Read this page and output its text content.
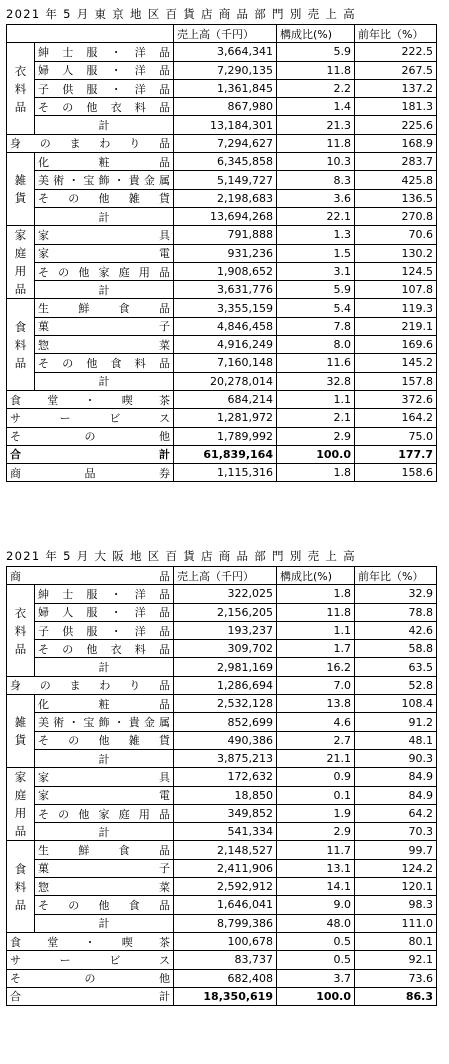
2021 年 5 月 東 京 地 区 百 貨 店 商 品 部 門 別 売 上 高
		売上高（千円）	構成比(%)	前年比（%）

衣
料
品	紳士服・洋品	3,664,341	5.9	222.5
	婦人服・洋品	7,290,135	11.8	267.5
	子供服・洋品	1,361,845	2.2	137.2
	その他衣料品	867,980	1.4	181.3
	計	13,184,301	21.3	225.6
身のまわり品		7,294,627	11.8	168.9

雑
貨	化粧品	6,345,858	10.3	283.7
	美術・宝飾・貴金属	5,149,727	8.3	425.8
	その他雑貨	2,198,683	3.6	136.5
	計	13,694,268	22.1	270.8

家
庭
用
品	家具	791,888	1.3	70.6
	家電	931,236	1.5	130.2
	その他家庭用品	1,908,652	3.1	124.5
	計	3,631,776	5.9	107.8

食
料
品	生鮮食品	3,355,159	5.4	119.3
	菓子	4,846,458	7.8	219.1
	惣菜	4,916,249	8.0	169.6
	その他食料品	7,160,148	11.6	145.2
	計	20,278,014	32.8	157.8
食堂・喫茶		684,214	1.1	372.6
サービス		1,281,972	2.1	164.2
その他		1,789,992	2.9	75.0
合計		61,839,164	100.0	177.7
商品券		1,115,316	1.8	158.6
2021 年 5 月 大 阪 地 区 百 貨 店 商 品 部 門 別 売 上 高
商品		売上高（千円）	構成比(%)	前年比（%）

衣
料
品	紳士服・洋品	322,025	1.8	32.9
	婦人服・洋品	2,156,205	11.8	78.8
	子供服・洋品	193,237	1.1	42.6
	その他衣料品	309,702	1.7	58.8
	計	2,981,169	16.2	63.5
身のまわり品		1,286,694	7.0	52.8

雑
貨	化粧品	2,532,128	13.8	108.4
	美術・宝飾・貴金属	852,699	4.6	91.2
	その他雑貨	490,386	2.7	48.1
	計	3,875,213	21.1	90.3

家
庭
用
品	家具	172,632	0.9	84.9
	家電	18,850	0.1	84.9
	その他家庭用品	349,852	1.9	64.2
	計	541,334	2.9	70.3

食
料
品	生鮮食品	2,148,527	11.7	99.7
	菓子	2,411,906	13.1	124.2
	惣菜	2,592,912	14.1	120.1
	その他食品	1,646,041	9.0	98.3
	計	8,799,386	48.0	111.0
食堂・喫茶		100,678	0.5	80.1
サービス		83,737	0.5	92.1
その他		682,408	3.7	73.6
合計		18,350,619	100.0	86.3
